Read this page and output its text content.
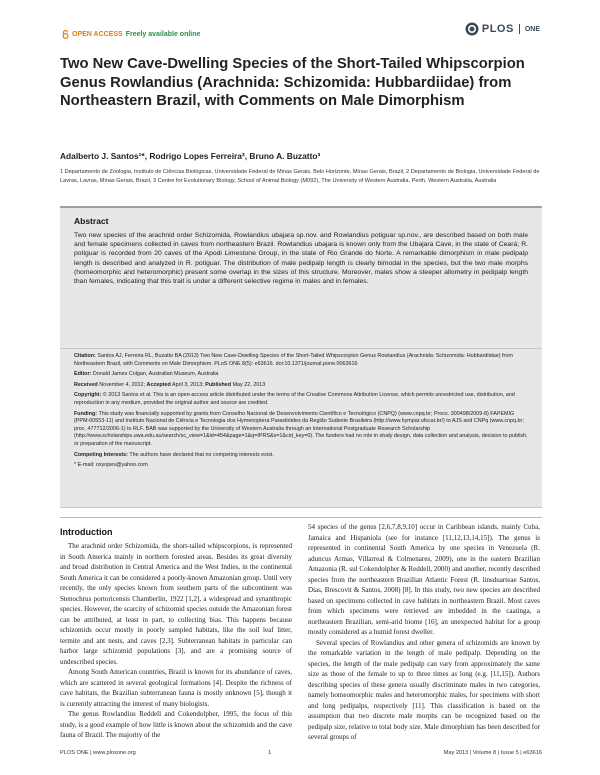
OPEN ACCESS Freely available online	PLOS ONE
Two New Cave-Dwelling Species of the Short-Tailed Whipscorpion Genus Rowlandius (Arachnida: Schizomida: Hubbardiidae) from Northeastern Brazil, with Comments on Male Dimorphism
Adalberto J. Santos¹*, Rodrigo Lopes Ferreira², Bruno A. Buzatto³
1 Departamento de Zoologia, Instituto de Ciências Biológicas, Universidade Federal de Minas Gerais, Belo Horizonte, Minas Gerais, Brazil, 2 Departamento de Biologia, Universidade Federal de Lavras, Lavras, Minas Gerais, Brazil, 3 Centre for Evolutionary Biology, School of Animal Biology (M092), The University of Western Australia, Perth, Western Australia, Australia
Abstract
Two new species of the arachnid order Schizomida, Rowlandius ubajara sp.nov. and Rowlandius potiguar sp.nov., are described based on both male and female specimens collected in caves from northeastern Brazil. Rowlandius ubajara is known only from the Ubajara Cave, in the state of Ceará; R. potiguar is recorded from 20 caves of the Apodi Limestone Group, in the state of Rio Grande do Norte. A remarkable dimorphism in male pedipalp length is described and analyzed in R. potiguar. The distribution of male pedipalp length is clearly bimodal in the species, but the two male morphs (homeomorphic and heteromorphic) present some overlap in the sizes of this structure. Moreover, males show a steeper allometry in pedipalp length than females, indicating that this trait is under a different selective regime in males and in females.
Citation: Santos AJ, Ferreira RL, Buzatto BA (2013) Two New Cave-Dwelling Species of the Short-Tailed Whipscorpion Genus Rowlandius (Arachnida: Schizomida: Hubbardiidae) from Northeastern Brazil, with Comments on Male Dimorphism. PLoS ONE 8(5): e63616. doi:10.1371/journal.pone.0063616
Editor: Donald James Colgan, Australian Museum, Australia
Received November 4, 2012; Accepted April 3, 2013; Published May 22, 2013
Copyright: © 2013 Santos et al. This is an open-access article distributed under the terms of the Creative Commons Attribution License, which permits unrestricted use, distribution, and reproduction in any medium, provided the original author and source are credited.
Funding: This study was financially supported by grants from Conselho Nacional de Desenvolvimento Científico e Tecnológico (CNPQ) (www.cnpq.br; Procs. 300498/2009-8) FAPEMIG (PPM-00553-11) and Instituto Nacional de Ciência e Tecnologia dos Hymenoptera Parasitóides da Região Sudeste Brasileira (http://www.hympar.ufscar.br/) to AJS and CNPq (www.cnpq.br; proc. 477712/2006-1) to RLF. BAB was supported by the University of Western Australia through an International Postgraduate Research Scholarship (http://www.scholarships.uwa.edu.au/search/sc_view=1&id=454&page=1&q=IPRS&s=1&cid_key=0). The funders had no role in study design, data collection and analysis, decision to publish, or preparation of the manuscript.
Competing Interests: The authors have declared that no competing interests exist.
* E-mail: oxyopes@yahoo.com
Introduction

The arachnid order Schizomida, the short-tailed whipscorpions, is represented in South America mainly in northern forested areas. Besides its great diversity and broad distribution in Central America and the West Indies, in the continental South America it can be considered a poorly-known Amazonian group. Until very recently, the only species known from southern parts of the subcontinent was Stenochrus portoricensis Chamberlin, 1922 [1,2], a widespread and synanthropic species. However, the scarcity of schizomid species outside the Amazonian forest can be attributed, at least in part, to collecting bias. This happens because schizomids occur mostly in poorly sampled habitats, like the soil leaf litter, termite and ant nests, and caves [2,3]. Subterranean habitats in particular can harbor large schizomid populations [3], and are a promising source of undescribed species.

Among South American countries, Brazil is known for its abundance of caves, which are scattered in several geological formations [4]. Despite the richness of cave habitats, the Brazilian subterranean fauna is mostly unknown [5], though it is currently attracting the interest of many biologists.

The genus Rowlandius Reddell and Cokendolpher, 1995, the focus of this study, is a good example of how little is known about the schizomids and the cave fauna of Brazil. The majority of the

54 species of the genus [2,6,7,8,9,10] occur in Caribbean islands, mainly Cuba, Jamaica and Hispaniola (see for instance [11,12,13,14,15]). The genus is represented in continental South America by one species in Venezuela (R. aduncus Armas, Villarreal & Colmenares, 2009), one in the eastern Brazilian Amazonia (R. sul Cokendolpher & Reddell, 2000) and another, recently described species from the northeastern Brazilian Atlantic Forest (R. linsduarteae Santos, Dias, Brescovit & Santos, 2008) [8]. In this study, two new species are described based on specimens collected in cave habitats in northeastern Brazil. Most caves from which specimens were retrieved are imbedded in the caatinga, a northeastern Brazilian, semi-arid biome [16], an unexpected habitat for a group mostly considered as a humid forest dweller.

Several species of Rowlandius and other genera of schizomids are known by the remarkable variation in the length of male pedipalp. Depending on the species, the length of the male pedipalp can vary from approximately the same size as those of the female to up to three times as long (e.g. [11,15]). Authors describing species of these genera usually discriminate males in two categories, namely homeomorphic males and heteromorphic males, for specimens with short and long pedipalps, respectively [11]. This classification is based on the assumption that two discrete male morphs can be recognized based on the pedipalp size, relative to total body size. Male dimorphism has been described for several groups of

PLOS ONE | www.plosone.org	1	May 2013 | Volume 8 | Issue 5 | e63616
